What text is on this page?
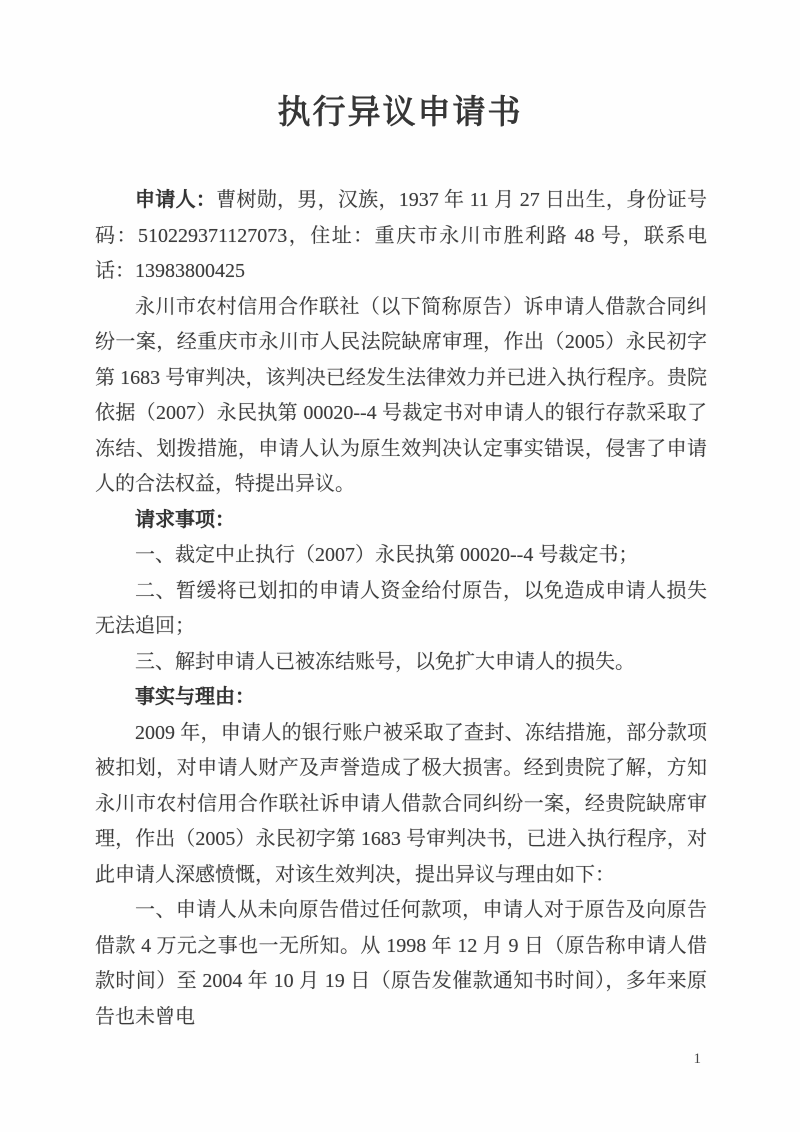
执行异议申请书

申请人：曹树勋，男，汉族，1937 年 11 月 27 日出生，身份证号码：510229371127073，住址：重庆市永川市胜利路 48 号，联系电话：13983800425

永川市农村信用合作联社（以下简称原告）诉申请人借款合同纠纷一案，经重庆市永川市人民法院缺席审理，作出（2005）永民初字第 1683 号审判决，该判决已经发生法律效力并已进入执行程序。贵院依据（2007）永民执第 00020--4 号裁定书对申请人的银行存款采取了冻结、划拨措施，申请人认为原生效判决认定事实错误，侵害了申请人的合法权益，特提出异议。

请求事项：

一、裁定中止执行（2007）永民执第 00020--4 号裁定书；

二、暂缓将已划扣的申请人资金给付原告，以免造成申请人损失无法追回；

三、解封申请人已被冻结账号，以免扩大申请人的损失。

事实与理由：

2009 年，申请人的银行账户被采取了查封、冻结措施，部分款项被扣划，对申请人财产及声誉造成了极大损害。经到贵院了解，方知永川市农村信用合作联社诉申请人借款合同纠纷一案，经贵院缺席审理，作出（2005）永民初字第 1683 号审判决书，已进入执行程序，对此申请人深感愤慨，对该生效判决，提出异议与理由如下：

一、申请人从未向原告借过任何款项，申请人对于原告及向原告借款 4 万元之事也一无所知。从 1998 年 12 月 9 日（原告称申请人借款时间）至 2004 年 10 月 19 日（原告发催款通知书时间），多年来原告也未曾电

1
